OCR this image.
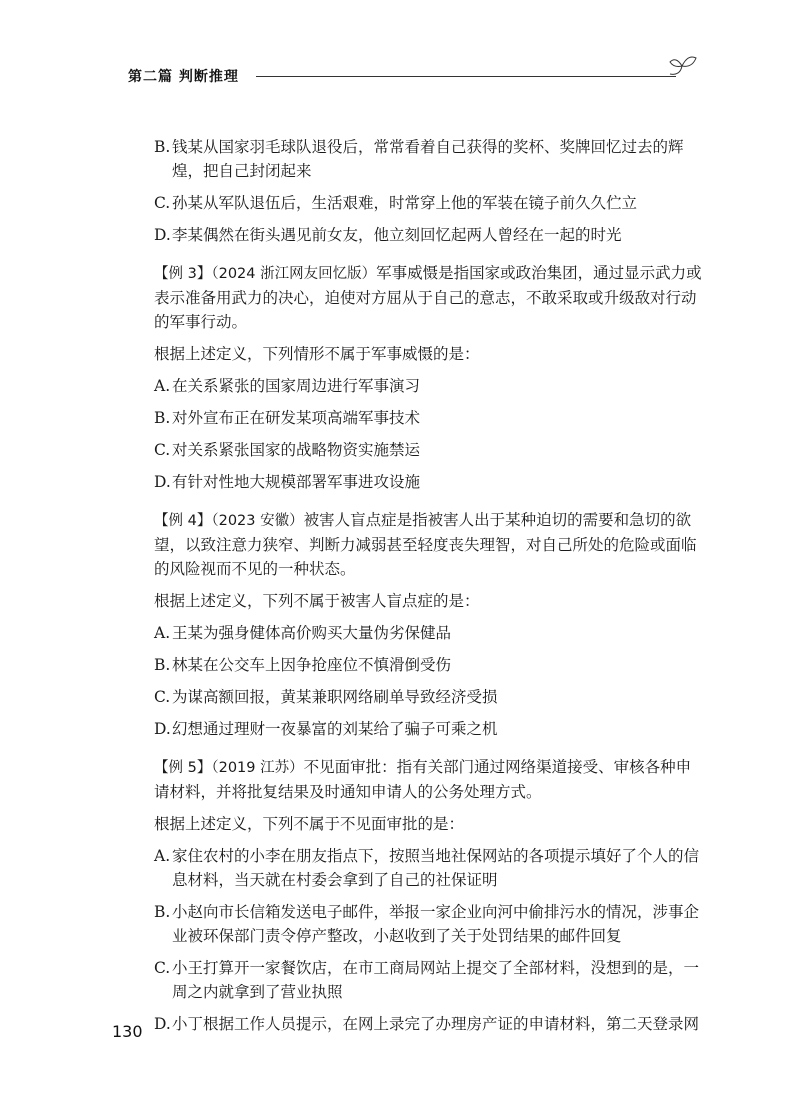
第二篇 判断推理

B. 钱某从国家羽毛球队退役后，常常看着自己获得的奖杯、奖牌回忆过去的辉煌，把自己封闭起来

C. 孙某从军队退伍后，生活艰难，时常穿上他的军装在镜子前久久伫立

D. 李某偶然在街头遇见前女友，他立刻回忆起两人曾经在一起的时光

【例 3】（2024 浙江网友回忆版）军事威慑是指国家或政治集团，通过显示武力或表示准备用武力的决心，迫使对方屈从于自己的意志，不敢采取或升级敌对行动的军事行动。

根据上述定义，下列情形不属于军事威慑的是：

A. 在关系紧张的国家周边进行军事演习

B. 对外宣布正在研发某项高端军事技术

C. 对关系紧张国家的战略物资实施禁运

D. 有针对性地大规模部署军事进攻设施

【例 4】（2023 安徽）被害人盲点症是指被害人出于某种迫切的需要和急切的欲望，以致注意力狭窄、判断力减弱甚至轻度丧失理智，对自己所处的危险或面临的风险视而不见的一种状态。

根据上述定义，下列不属于被害人盲点症的是：

A. 王某为强身健体高价购买大量伪劣保健品

B. 林某在公交车上因争抢座位不慎滑倒受伤

C. 为谋高额回报，黄某兼职网络刷单导致经济受损

D. 幻想通过理财一夜暴富的刘某给了骗子可乘之机

【例 5】（2019 江苏）不见面审批：指有关部门通过网络渠道接受、审核各种申请材料，并将批复结果及时通知申请人的公务处理方式。

根据上述定义，下列不属于不见面审批的是：

A. 家住农村的小李在朋友指点下，按照当地社保网站的各项提示填好了个人的信息材料，当天就在村委会拿到了自己的社保证明

B. 小赵向市长信箱发送电子邮件，举报一家企业向河中偷排污水的情况，涉事企业被环保部门责令停产整改，小赵收到了关于处罚结果的邮件回复

C. 小王打算开一家餐饮店，在市工商局网站上提交了全部材料，没想到的是，一周之内就拿到了营业执照

D. 小丁根据工作人员提示，在网上录完了办理房产证的申请材料，第二天登录网

130
